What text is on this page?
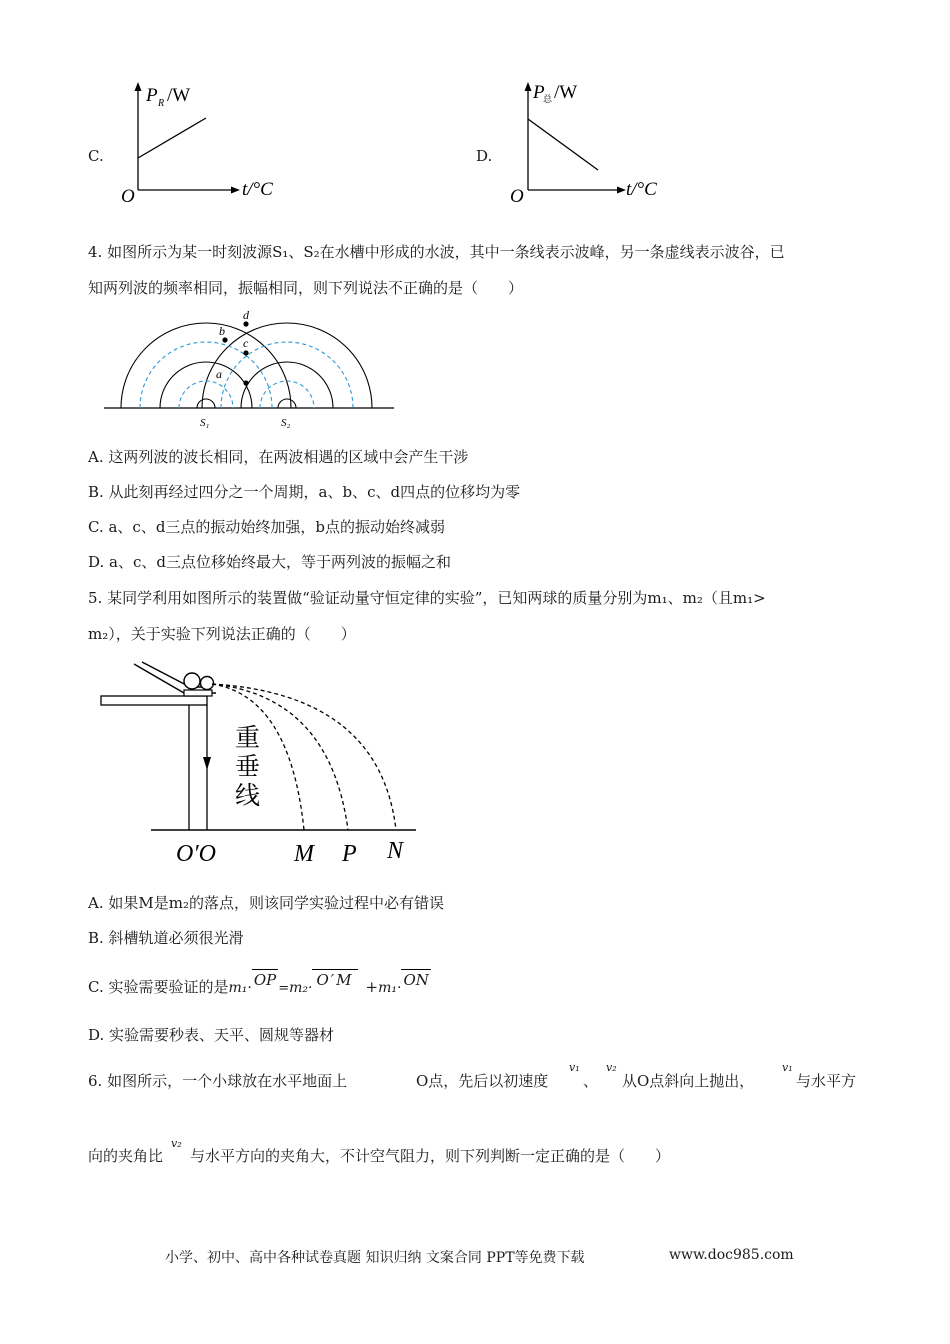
C.
P R /W
t/°C
O
D.
P
总 /W
t/°C
O
4. 如图所示为某一时刻波源S₁、S₂在水槽中形成的水波，其中一条线表示波峰，另一条虚线表示波谷，已
知两列波的频率相同，振幅相同，则下列说法不正确的是（　　）
a
b
c
d
S₁	S₂
A. 这两列波的波长相同，在两波相遇的区域中会产生干涉
B. 从此刻再经过四分之一个周期，a、b、c、d四点的位移均为零
C. a、c、d三点的振动始终加强，b点的振动始终减弱
D. a、c、d三点位移始终最大，等于两列波的振幅之和
5. 某同学利用如图所示的装置做“验证动量守恒定律的实验”，已知两球的质量分别为m₁、m₂（且m₁>
m₂），关于实验下列说法正确的（　　）
重
垂
线
O′O	M P N
A. 如果M是m₂的落点，则该同学实验过程中必有错误
B. 斜槽轨道必须很光滑
C. 实验需要验证的是m₁· OP =m₂· O′M +m₁· ON
D. 实验需要秒表、天平、圆规等器材
6. 如图所示，一个小球放在水平地面上	O点，先后以初速度
v₁
、
v₂
从O点斜向上抛出，
v₁
与水平方
向的夹角比
v₂
与水平方向的夹角大，不计空气阻力，则下列判断一定正确的是（　　）
小学、初中、高中各种试卷真题 知识归纳 文案合同 PPT等免费下载	www.doc985.com
